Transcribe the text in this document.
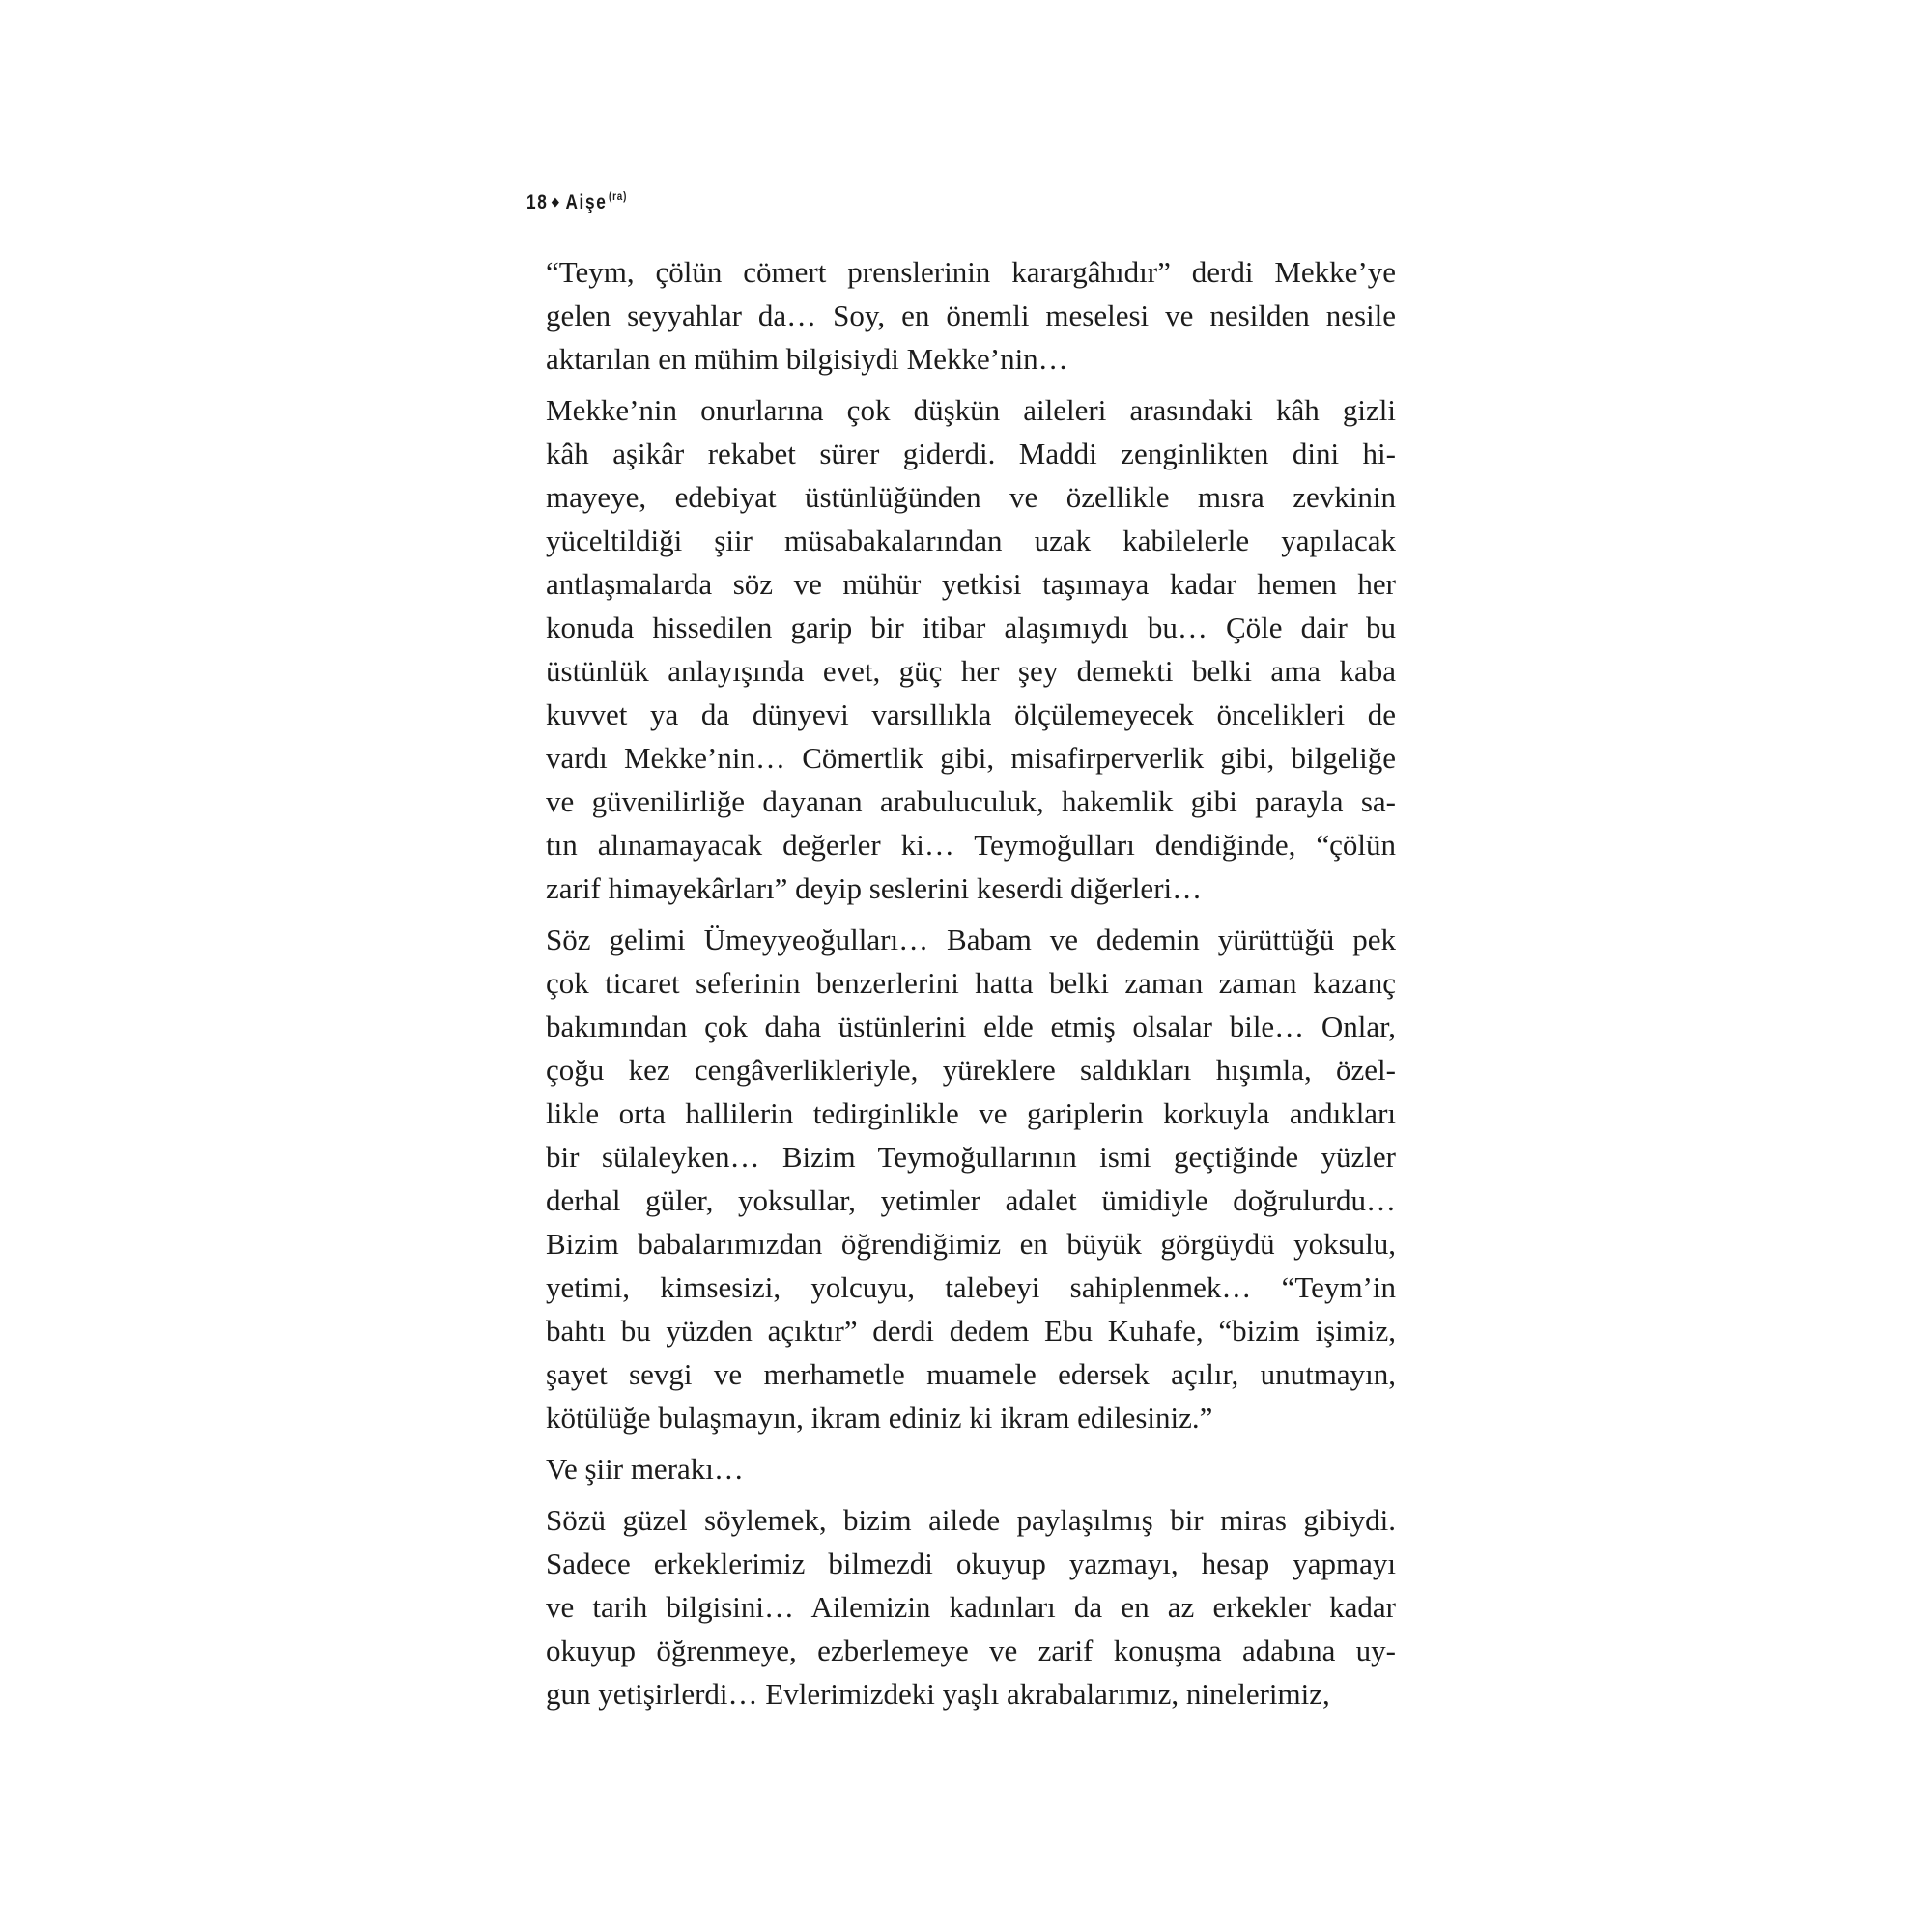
18 ◆ Aişe $^{(ra)}$
“Teym, çölün cömert prenslerinin karargâhıdır” derdi Mekke’ye
gelen seyyahlar da… Soy, en önemli meselesi ve nesilden nesile
aktarılan en mühim bilgisiydi Mekke’nin…
Mekke’nin onurlarına çok düşkün aileleri arasındaki kâh gizli
kâh aşikâr rekabet sürer giderdi. Maddi zenginlikten dini hi-
mayeye, edebiyat üstünlüğünden ve özellikle mısra zevkinin
yüceltildiği şiir müsabakalarından uzak kabilelerle yapılacak
antlaşmalarda söz ve mühür yetkisi taşımaya kadar hemen her
konuda hissedilen garip bir itibar alaşımıydı bu… Çöle dair bu
üstünlük anlayışında evet, güç her şey demekti belki ama kaba
kuvvet ya da dünyevi varsıllıkla ölçülemeyecek öncelikleri de
vardı Mekke’nin… Cömertlik gibi, misafirperverlik gibi, bilgeliğe
ve güvenilirliğe dayanan arabuluculuk, hakemlik gibi parayla sa-
tın alınamayacak değerler ki… Teymoğulları dendiğinde, “çölün
zarif himayekârları” deyip seslerini keserdi diğerleri…
Söz gelimi Ümeyyeoğulları… Babam ve dedemin yürüttüğü pek
çok ticaret seferinin benzerlerini hatta belki zaman zaman kazanç
bakımından çok daha üstünlerini elde etmiş olsalar bile… Onlar,
çoğu kez cengâverlikleriyle, yüreklere saldıkları hışımla, özel-
likle orta hallilerin tedirginlikle ve gariplerin korkuyla andıkları
bir sülaleyken… Bizim Teymoğullarının ismi geçtiğinde yüzler
derhal güler, yoksullar, yetimler adalet ümidiyle doğrulurdu…
Bizim babalarımızdan öğrendiğimiz en büyük görgüydü yoksulu,
yetimi, kimsesizi, yolcuyu, talebeyi sahiplenmek… “Teym’in
bahtı bu yüzden açıktır” derdi dedem Ebu Kuhafe, “bizim işimiz,
şayet sevgi ve merhametle muamele edersek açılır, unutmayın,
kötülüğe bulaşmayın, ikram ediniz ki ikram edilesiniz.”
Ve şiir merakı…
Sözü güzel söylemek, bizim ailede paylaşılmış bir miras gibiydi.
Sadece erkeklerimiz bilmezdi okuyup yazmayı, hesap yapmayı
ve tarih bilgisini… Ailemizin kadınları da en az erkekler kadar
okuyup öğrenmeye, ezberlemeye ve zarif konuşma adabına uy-
gun yetişirlerdi… Evlerimizdeki yaşlı akrabalarımız, ninelerimiz,
